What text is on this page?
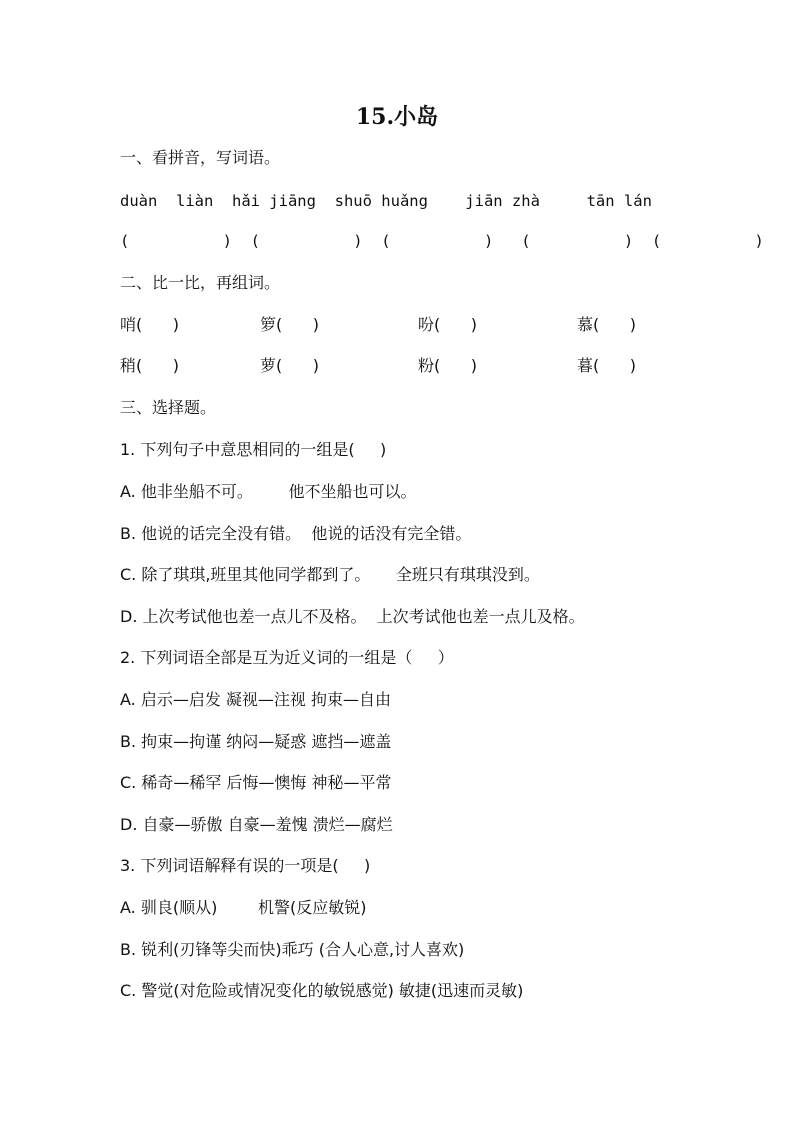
15.小岛
一、看拼音，写词语。
duàn  liàn  hǎi jiāng  shuō huǎng    jiān zhà     tān lán
(          )  (          )  (          )   (          )  (          )
二、比一比，再组词。
哨(      )	箩(      )	吩(      )	慕(      )
稍(      )	萝(      )	粉(      )	暮(      )
三、选择题。
1. 下列句子中意思相同的一组是(     )
A. 他非坐船不可。       他不坐船也可以。
B. 他说的话完全没有错。  他说的话没有完全错。
C. 除了琪琪,班里其他同学都到了。     全班只有琪琪没到。
D. 上次考试他也差一点儿不及格。  上次考试他也差一点儿及格。
2. 下列词语全部是互为近义词的一组是（     ）
A. 启示—启发 凝视—注视 拘束—自由
B. 拘束—拘谨 纳闷—疑惑 遮挡—遮盖
C. 稀奇—稀罕 后悔—懊悔 神秘—平常
D. 自豪—骄傲 自豪—羞愧 溃烂—腐烂
3. 下列词语解释有误的一项是(     )
A. 驯良(顺从)        机警(反应敏锐)
B. 锐利(刃锋等尖而快)乖巧 (合人心意,讨人喜欢)
C. 警觉(对危险或情况变化的敏锐感觉) 敏捷(迅速而灵敏)
